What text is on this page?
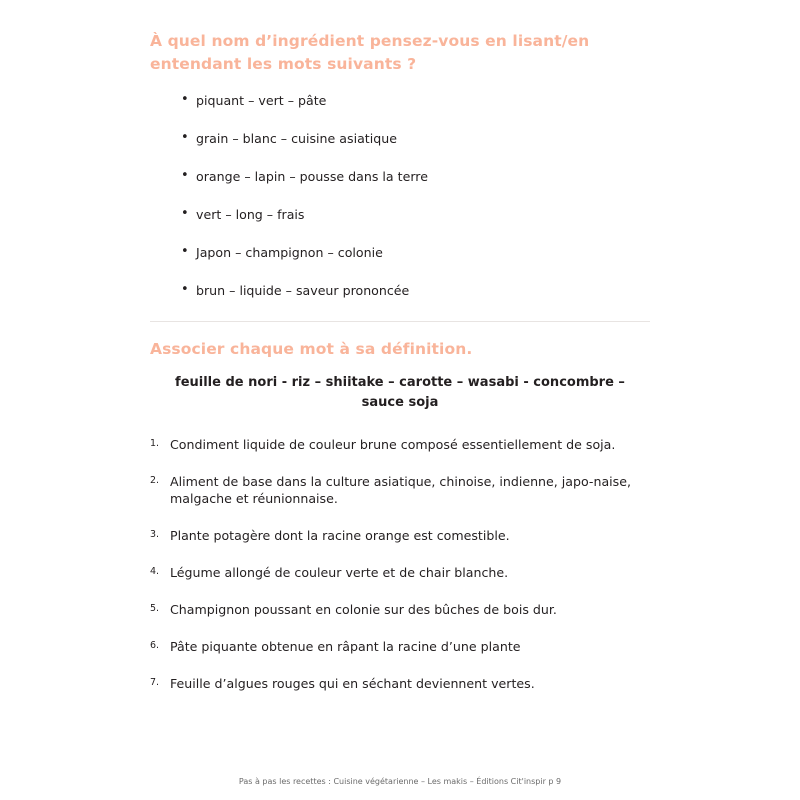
À quel nom d’ingrédient pensez-vous en lisant/en entendant les mots suivants ?
• piquant – vert – pâte
• grain – blanc – cuisine asiatique
• orange – lapin – pousse dans la terre
• vert – long – frais
• Japon – champignon – colonie
• brun – liquide – saveur prononcée
Associer chaque mot à sa définition.

feuille de nori - riz – shiitake – carotte – wasabi - concombre – sauce soja

Condiment liquide de couleur brune composé essentiellement de soja.
Aliment de base dans la culture asiatique, chinoise, indienne, japo-naise, malgache et réunionnaise.
Plante potagère dont la racine orange est comestible.
Légume allongé de couleur verte et de chair blanche.
Champignon poussant en colonie sur des bûches de bois dur.
Pâte piquante obtenue en râpant la racine d’une plante
Feuille d’algues rouges qui en séchant deviennent vertes.
Pas à pas les recettes : Cuisine végétarienne – Les makis – Éditions Cit'inspir p 9
